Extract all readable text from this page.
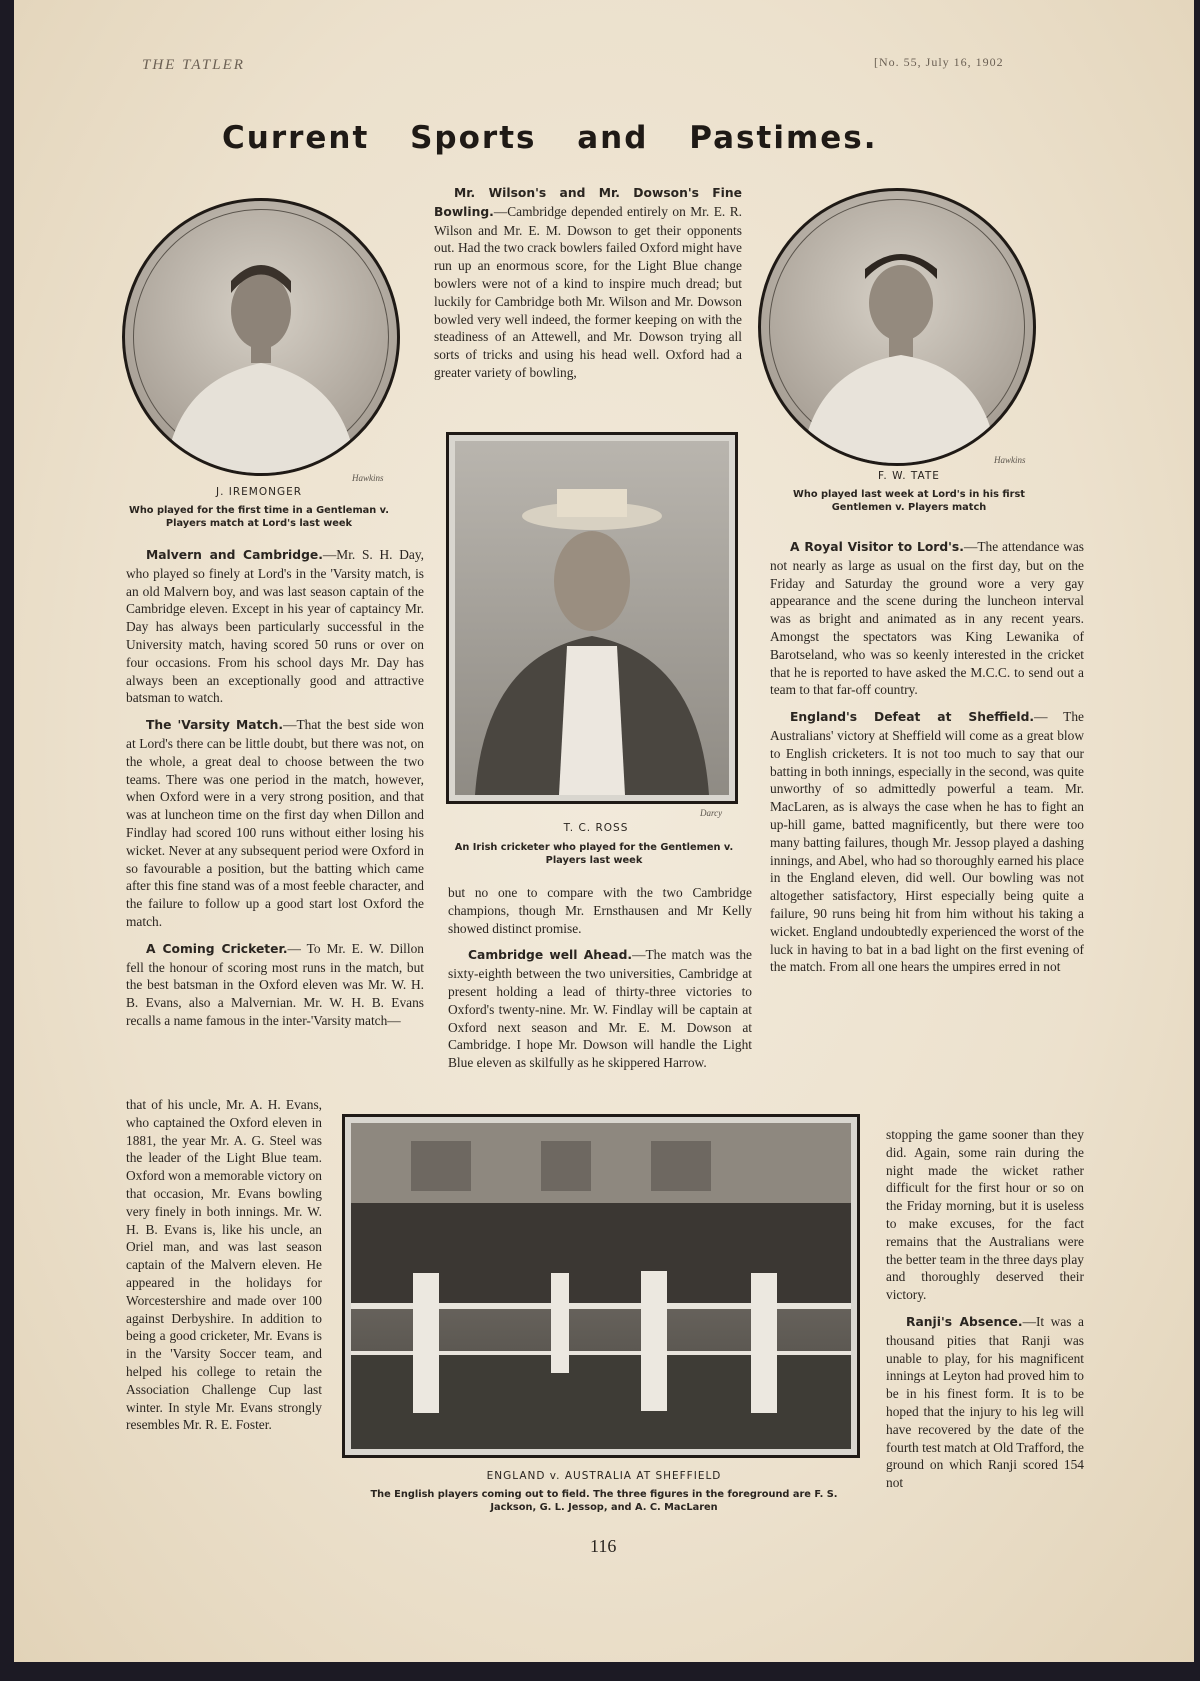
THE TATLER	[No. 55, July 16, 1902
Current Sports and Pastimes.
Hawkins
J. IREMONGER
Who played for the first time in a Gentleman v. Players match at Lord's last week
Hawkins
F. W. TATE
Who played last week at Lord's in his first Gentlemen v. Players match

Mr. Wilson's and Mr. Dowson's Fine Bowling.—Cambridge depended entirely on Mr. E. R. Wilson and Mr. E. M. Dowson to get their opponents out. Had the two crack bowlers failed Oxford might have run up an enormous score, for the Light Blue change bowlers were not of a kind to inspire much dread; but luckily for Cambridge both Mr. Wilson and Mr. Dowson bowled very well indeed, the former keeping on with the steadiness of an Attewell, and Mr. Dowson trying all sorts of tricks and using his head well. Oxford had a greater variety of bowling,

Darcy
T. C. ROSS
An Irish cricketer who played for the Gentlemen v. Players last week

Malvern and Cambridge.—Mr. S. H. Day, who played so finely at Lord's in the 'Varsity match, is an old Malvern boy, and was last season captain of the Cambridge eleven. Except in his year of captaincy Mr. Day has always been particularly successful in the University match, having scored 50 runs or over on four occasions. From his school days Mr. Day has always been an exceptionally good and attractive batsman to watch.

The 'Varsity Match.—That the best side won at Lord's there can be little doubt, but there was not, on the whole, a great deal to choose between the two teams. There was one period in the match, however, when Oxford were in a very strong position, and that was at luncheon time on the first day when Dillon and Findlay had scored 100 runs without either losing his wicket. Never at any subsequent period were Oxford in so favourable a position, but the batting which came after this fine stand was of a most feeble character, and the failure to follow up a good start lost Oxford the match.

A Coming Cricketer.— To Mr. E. W. Dillon fell the honour of scoring most runs in the match, but the best batsman in the Oxford eleven was Mr. W. H. B. Evans, also a Malvernian. Mr. W. H. B. Evans recalls a name famous in the inter-'Varsity match—

that of his uncle, Mr. A. H. Evans, who captained the Oxford eleven in 1881, the year Mr. A. G. Steel was the leader of the Light Blue team. Oxford won a memorable victory on that occasion, Mr. Evans bowling very finely in both innings. Mr. W. H. B. Evans is, like his uncle, an Oriel man, and was last season captain of the Malvern eleven. He appeared in the holidays for Worcestershire and made over 100 against Derbyshire. In addition to being a good cricketer, Mr. Evans is in the 'Varsity Soccer team, and helped his college to retain the Association Challenge Cup last winter. In style Mr. Evans strongly resembles Mr. R. E. Foster.

but no one to compare with the two Cambridge champions, though Mr. Ernsthausen and Mr Kelly showed distinct promise.

Cambridge well Ahead.—The match was the sixty-eighth between the two universities, Cambridge at present holding a lead of thirty-three victories to Oxford's twenty-nine. Mr. W. Findlay will be captain at Oxford next season and Mr. E. M. Dowson at Cambridge. I hope Mr. Dowson will handle the Light Blue eleven as skilfully as he skippered Harrow.

A Royal Visitor to Lord's.—The attendance was not nearly as large as usual on the first day, but on the Friday and Saturday the ground wore a very gay appearance and the scene during the luncheon interval was as bright and animated as in any recent years. Amongst the spectators was King Lewanika of Barotseland, who was so keenly interested in the cricket that he is reported to have asked the M.C.C. to send out a team to that far-off country.

England's Defeat at Sheffield.— The Australians' victory at Sheffield will come as a great blow to English cricketers. It is not too much to say that our batting in both innings, especially in the second, was quite unworthy of so admittedly powerful a team. Mr. MacLaren, as is always the case when he has to fight an up-hill game, batted magnificently, but there were too many batting failures, though Mr. Jessop played a dashing innings, and Abel, who had so thoroughly earned his place in the England eleven, did well. Our bowling was not altogether satisfactory, Hirst especially being quite a failure, 90 runs being hit from him without his taking a wicket. England undoubtedly experienced the worst of the luck in having to bat in a bad light on the first evening of the match. From all one hears the umpires erred in not

stopping the game sooner than they did. Again, some rain during the night made the wicket rather difficult for the first hour or so on the Friday morning, but it is useless to make excuses, for the fact remains that the Australians were the better team in the three days play and thoroughly deserved their victory.

Ranji's Absence.—It was a thousand pities that Ranji was unable to play, for his magnificent innings at Leyton had proved him to be in his finest form. It is to be hoped that the injury to his leg will have recovered by the date of the fourth test match at Old Trafford, the ground on which Ranji scored 154 not

ENGLAND v. AUSTRALIA AT SHEFFIELD
The English players coming out to field. The three figures in the foreground are F. S. Jackson, G. L. Jessop, and A. C. MacLaren
116
